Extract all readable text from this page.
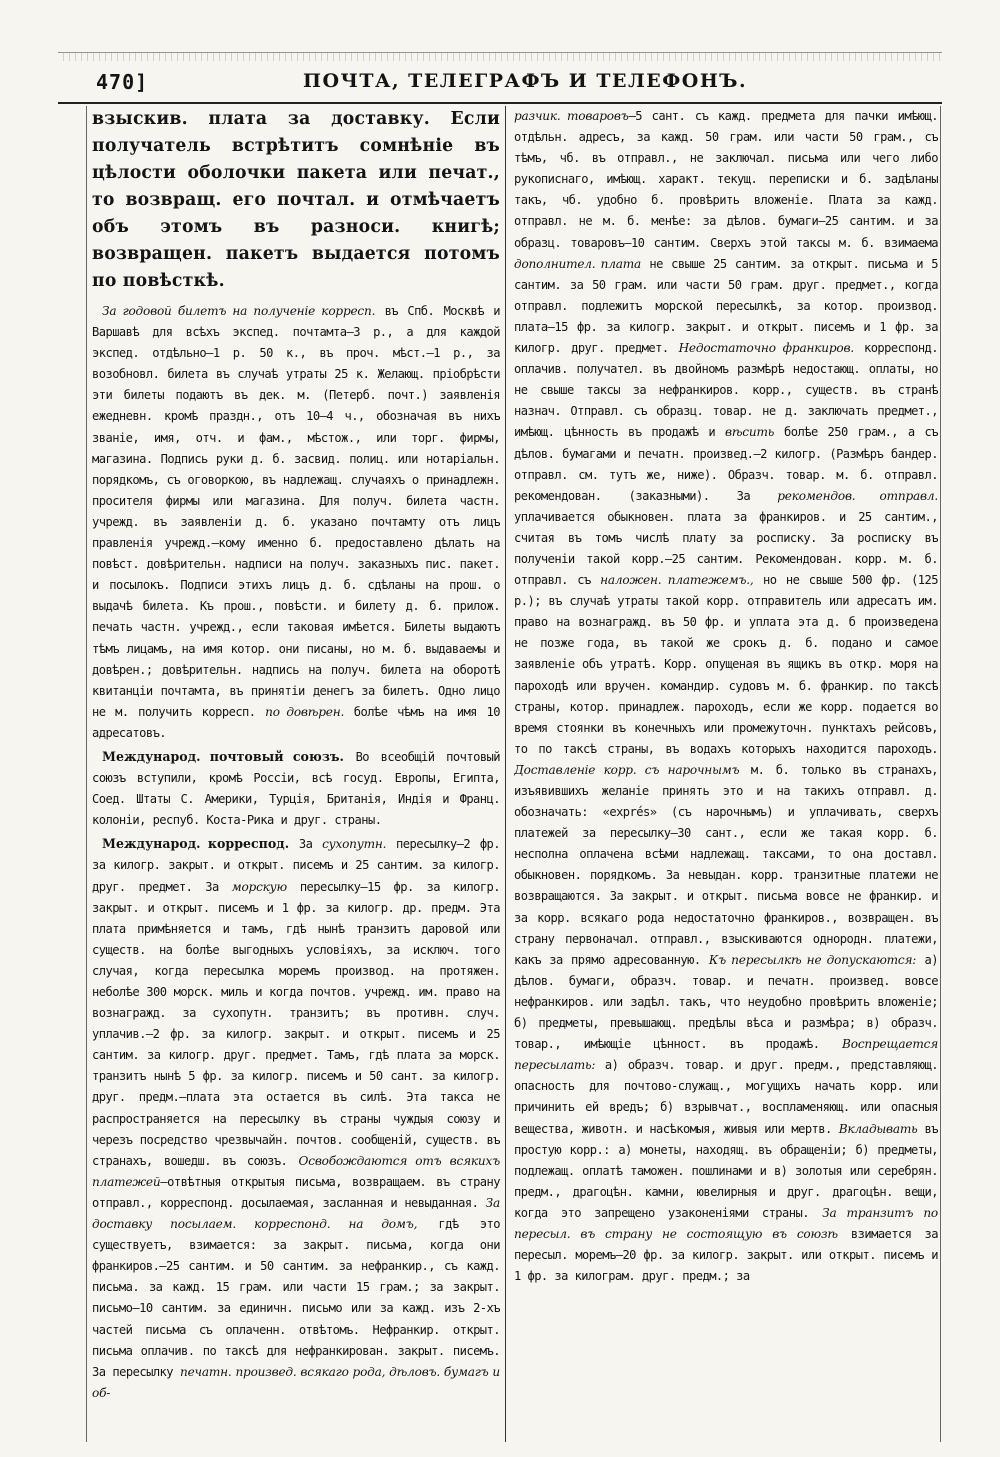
470]	ПОЧТА, ТЕЛЕГРАФЪ И ТЕЛЕФОНЪ.

взыскив. плата за доставку. Если получатель встрѣтитъ сомнѣніе въ цѣлости оболочки пакета или печат., то возвращ. его почтал. и отмѣчаетъ объ этомъ въ разноси. книгѣ; возвращен. пакетъ выдается потомъ по повѣсткѣ.

За годовой билетъ на полученіе корресп. въ Спб. Москвѣ и Варшавѣ для всѣхъ экспед. почтамта—3 р., а для каждой экспед. отдѣльно—1 р. 50 к., въ проч. мѣст.—1 р., за возобновл. билета въ случаѣ утраты 25 к. Желающ. пріобрѣсти эти билеты подаютъ въ дек. м. (Петерб. почт.) заявленія ежедневн. кромѣ праздн., отъ 10—4 ч., обозначая въ нихъ званіе, имя, отч. и фам., мѣстож., или торг. фирмы, магазина. Подпись руки д. б. засвид. полиц. или нотаріальн. порядкомъ, съ оговоркою, въ надлежащ. случаяхъ о принадлежн. просителя фирмы или магазина. Для получ. билета частн. учрежд. въ заявленіи д. б. указано почтамту отъ лицъ правленія учрежд.—кому именно б. предоставлено дѣлать на повѣст. довѣрительн. надписи на получ. заказныхъ пис. пакет. и посылокъ. Подписи этихъ лицъ д. б. сдѣланы на прош. о выдачѣ билета. Къ прош., повѣсти. и билету д. б. прилож. печать частн. учрежд., если таковая имѣется. Билеты выдаютъ тѣмъ лицамъ, на имя котор. они писаны, но м. б. выдаваемы и довѣрен.; довѣрительн. надпись на получ. билета на оборотѣ квитанціи почтамта, въ принятіи денегъ за билетъ. Одно лицо не м. получить корресп. по довѣрен. болѣе чѣмъ на имя 10 адресатовъ.

Международ. почтовый союзъ. Во всеобщій почтовый союзъ вступили, кромѣ Россіи, всѣ госуд. Европы, Египта, Соед. Штаты С. Америки, Турція, Британія, Индія и Франц. колоніи, респуб. Коста-Рика и друг. страны.

Международ. корреспод. За сухопутн. пересылку—2 фр. за килогр. закрыт. и открыт. писемъ и 25 сантим. за килогр. друг. предмет. За морскую пересылку—15 фр. за килогр. закрыт. и открыт. писемъ и 1 фр. за килогр. др. предм. Эта плата примѣняется и тамъ, гдѣ нынѣ транзитъ даровой или существ. на болѣе выгодныхъ условіяхъ, за исключ. того случая, когда пересылка моремъ производ. на протяжен. неболѣе 300 морск. миль и когда почтов. учрежд. им. право на вознагражд. за сухопутн. транзитъ; въ противн. случ. уплачив.—2 фр. за килогр. закрыт. и открыт. писемъ и 25 сантим. за килогр. друг. предмет. Тамъ, гдѣ плата за морск. транзитъ нынѣ 5 фр. за килогр. писемъ и 50 сант. за килогр. друг. предм.—плата эта остается въ силѣ. Эта такса не распространяется на пересылку въ страны чуждыя союзу и черезъ посредство чрезвычайн. почтов. сообщеній, существ. въ странахъ, вошедш. въ союзъ. Освобождаются отъ всякихъ платежей—отвѣтныя открытыя письма, возвращаем. въ страну отправл., корреспонд. досылаемая, засланная и невыданная. За доставку посылаем. корреспонд. на домъ, гдѣ это существуетъ, взимается: за закрыт. письма, когда они франкиров.—25 сантим. и 50 сантим. за нефранкир., съ кажд. письма. за кажд. 15 грам. или части 15 грам.; за закрыт. письмо—10 сантим. за единичн. письмо или за кажд. изъ 2-хъ частей письма съ оплаченн. отвѣтомъ. Нефранкир. открыт. письма оплачив. по таксѣ для нефранкирован. закрыт. писемъ. За пересылку печатн. произвед. всякаго рода, дѣловъ. бумагъ и об-

разчик. товаровъ—5 сант. съ кажд. предмета для пачки имѣющ. отдѣльн. адресъ, за кажд. 50 грам. или части 50 грам., съ тѣмъ, чб. въ отправл., не заключал. письма или чего либо рукописнаго, имѣющ. характ. текущ. переписки и б. задѣланы такъ, чб. удобно б. провѣрить вложеніе. Плата за кажд. отправл. не м. б. менѣе: за дѣлов. бумаги—25 сантим. и за образц. товаровъ—10 сантим. Сверхъ этой таксы м. б. взимаема дополнител. плата не свыше 25 сантим. за открыт. письма и 5 сантим. за 50 грам. или части 50 грам. друг. предмет., когда отправл. подлежитъ морской пересылкѣ, за котор. производ. плата—15 фр. за килогр. закрыт. и открыт. писемъ и 1 фр. за килогр. друг. предмет. Недостаточно франкиров. корреспонд. оплачив. получател. въ двойномъ размѣрѣ недостающ. оплаты, но не свыше таксы за нефранкиров. корр., существ. въ странѣ назнач. Отправл. съ образц. товар. не д. заключать предмет., имѣющ. цѣнность въ продажѣ и вѣсить болѣе 250 грам., а съ дѣлов. бумагами и печатн. произвед.—2 килогр. (Размѣръ бандер. отправл. см. тутъ же, ниже). Образч. товар. м. б. отправл. рекомендован. (заказными). За рекомендов. отправл. уплачивается обыкновен. плата за франкиров. и 25 сантим., считая въ томъ числѣ плату за росписку. За росписку въ полученіи такой корр.—25 сантим. Рекомендован. корр. м. б. отправл. съ наложен. платежемъ., но не свыше 500 фр. (125 р.); въ случаѣ утраты такой корр. отправитель или адресатъ им. право на вознагражд. въ 50 фр. и уплата эта д. б произведена не позже года, въ такой же срокъ д. б. подано и самое заявленіе объ утратѣ. Корр. опущеная въ ящикъ въ откр. моря на пароходѣ или вручен. командир. судовъ м. б. франкир. по таксѣ страны, котор. принадлеж. пароходъ, если же корр. подается во время стоянки въ конечныхъ или промежуточн. пунктахъ рейсовъ, то по таксѣ страны, въ водахъ которыхъ находится пароходъ. Доставленіе корр. съ нарочнымъ м. б. только въ странахъ, изъявившихъ желаніе принять это и на такихъ отправл. д. обозначать: «exprés» (съ нарочнымъ) и уплачивать, сверхъ платежей за пересылку—30 сант., если же такая корр. б. несполна оплачена всѣми надлежащ. таксами, то она доставл. обыкновен. порядкомъ. За невыдан. корр. транзитные платежи не возвращаются. За закрыт. и открыт. письма вовсе не франкир. и за корр. всякаго рода недостаточно франкиров., возвращен. въ страну первоначал. отправл., взыскиваются однородн. платежи, какъ за прямо адресованную. Къ пересылкѣ не допускаются: а) дѣлов. бумаги, образч. товар. и печатн. произвед. вовсе нефранкиров. или задѣл. такъ, что неудобно провѣрить вложеніе; б) предметы, превышающ. предѣлы вѣса и размѣра; в) образч. товар., имѣющіе цѣнност. въ продажѣ. Воспрещается пересылать: а) образч. товар. и друг. предм., представляющ. опасность для почтово-служащ., могущихъ начать корр. или причинить ей вредъ; б) взрывчат., воспламеняющ. или опасныя вещества, животн. и насѣкомыя, живыя или мертв. Вкладывать въ простую корр.: а) монеты, находящ. въ обращеніи; б) предметы, подлежащ. оплатѣ таможен. пошлинами и в) золотыя или серебрян. предм., драгоцѣн. камни, ювелирныя и друг. драгоцѣн. вещи, когда это запрещено узаконеніями страны. За транзитъ по пересыл. въ страну не состоящую въ союзѣ взимается за пересыл. моремъ—20 фр. за килогр. закрыт. или открыт. писемъ и 1 фр. за килограм. друг. предм.; за
